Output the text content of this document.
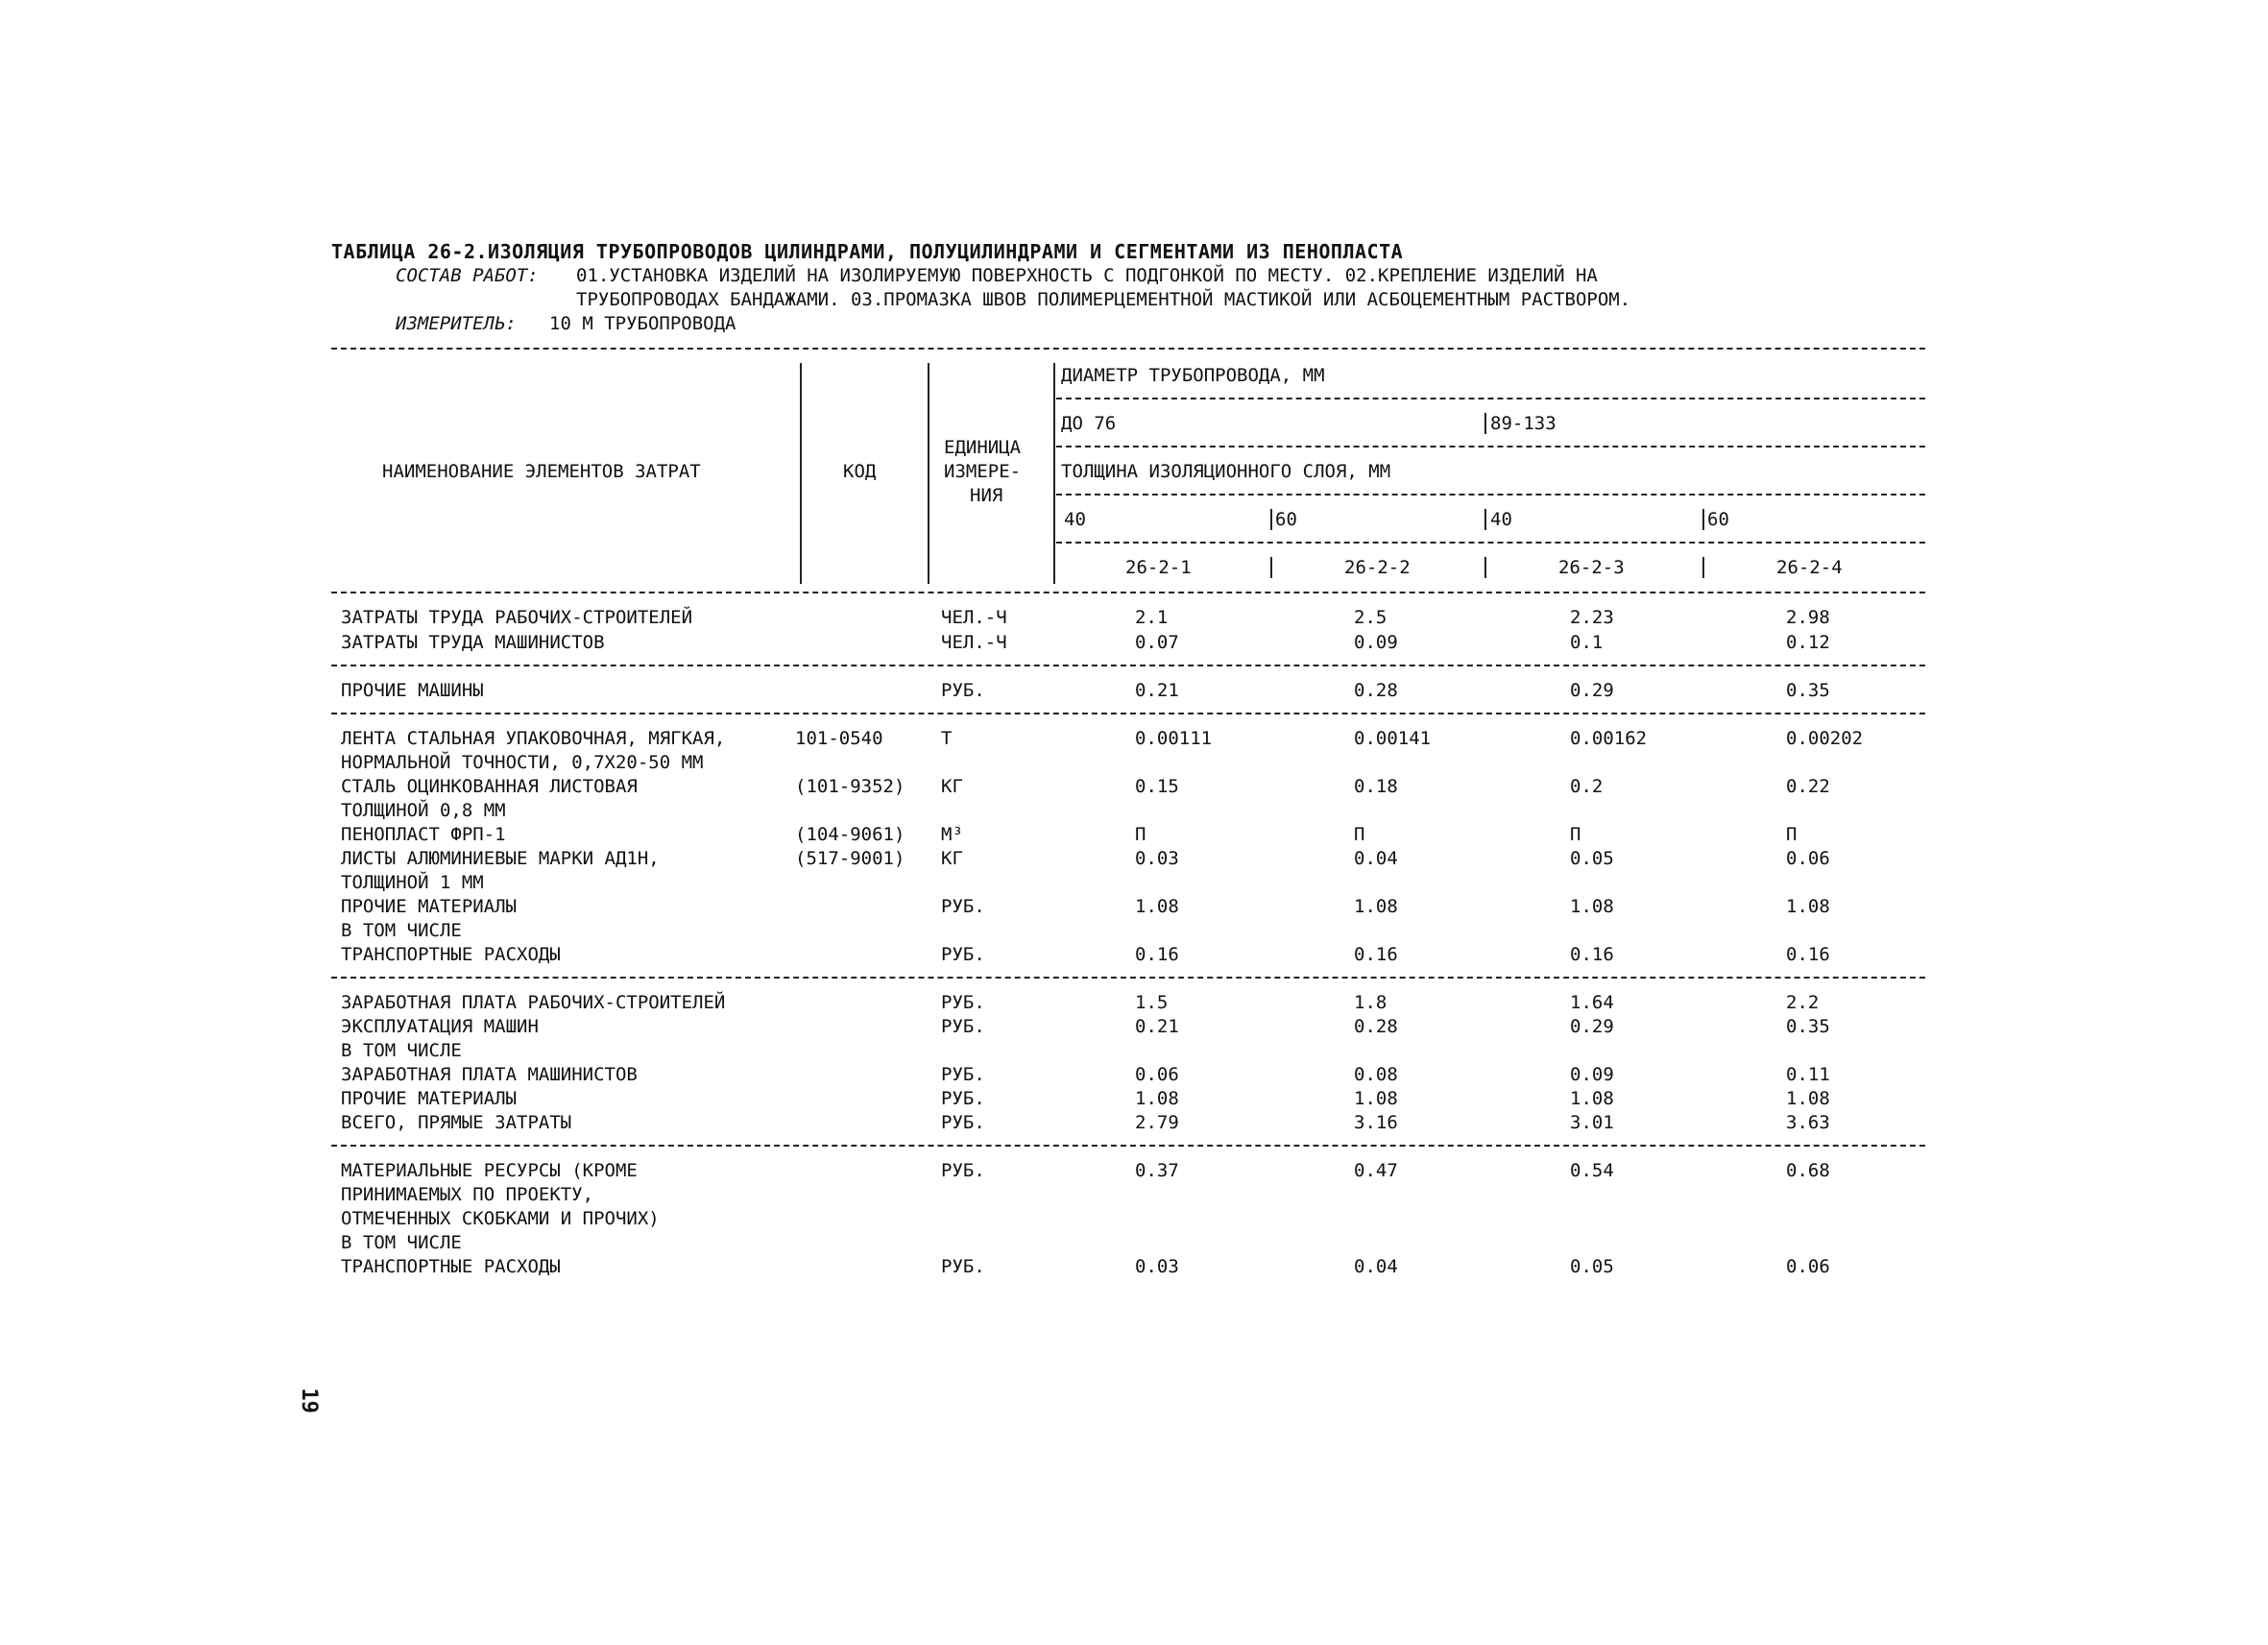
ТАБЛИЦА 26-2.ИЗОЛЯЦИЯ ТРУБОПРОВОДОВ ЦИЛИНДРАМИ, ПОЛУЦИЛИНДРАМИ И СЕГМЕНТАМИ ИЗ ПЕНОПЛАСТА
СОСТАВ РАБОТ: 01.УСТАНОВКА ИЗДЕЛИЙ НА ИЗОЛИРУЕМУЮ ПОВЕРХНОСТЬ С ПОДГОНКОЙ ПО МЕСТУ. 02.КРЕПЛЕНИЕ ИЗДЕЛИЙ НА
ТРУБОПРОВОДАХ БАНДАЖАМИ. 03.ПРОМАЗКА ШВОВ ПОЛИМЕРЦЕМЕНТНОЙ МАСТИКОЙ ИЛИ АСБОЦЕМЕНТНЫМ РАСТВОРОМ.
ИЗМЕРИТЕЛЬ: 10 М ТРУБОПРОВОДА
НАИМЕНОВАНИЕ ЭЛЕМЕНТОВ ЗАТРАТ	КОД
ЕДИНИЦА
ИЗМЕРЕ-
НИЯ
ДИАМЕТР ТРУБОПРОВОДА, ММ
ДО 76	89-133
ТОЛЩИНА ИЗОЛЯЦИОННОГО СЛОЯ, ММ
40	60	40	60
26-2-1	26-2-2	26-2-3	26-2-4
ЗАТРАТЫ ТРУДА РАБОЧИХ-СТРОИТЕЛЕЙ	ЧЕЛ.-Ч	2.1	2.5	2.23	2.98
ЗАТРАТЫ ТРУДА МАШИНИСТОВ	ЧЕЛ.-Ч	0.07	0.09	0.1	0.12
ПРОЧИЕ МАШИНЫ	РУБ.	0.21	0.28	0.29	0.35
ЛЕНТА СТАЛЬНАЯ УПАКОВОЧНАЯ, МЯГКАЯ,	101-0540	Т	0.00111	0.00141	0.00162	0.00202
НОРМАЛЬНОЙ ТОЧНОСТИ, 0,7Х20-50 ММ
СТАЛЬ ОЦИНКОВАННАЯ ЛИСТОВАЯ	(101-9352) КГ	0.15	0.18	0.2	0.22
ТОЛЩИНОЙ 0,8 ММ
ПЕНОПЛАСТ ФРП-1	(104-9061) М³	П	П	П	П
ЛИСТЫ АЛЮМИНИЕВЫЕ МАРКИ АД1Н,	(517-9001) КГ	0.03	0.04	0.05	0.06
ТОЛЩИНОЙ 1 ММ
ПРОЧИЕ МАТЕРИАЛЫ	РУБ.	1.08	1.08	1.08	1.08
В ТОМ ЧИСЛЕ
ТРАНСПОРТНЫЕ РАСХОДЫ	РУБ.	0.16	0.16	0.16	0.16
ЗАРАБОТНАЯ ПЛАТА РАБОЧИХ-СТРОИТЕЛЕЙ	РУБ.	1.5	1.8	1.64	2.2
ЭКСПЛУАТАЦИЯ МАШИН	РУБ.	0.21	0.28	0.29	0.35
В ТОМ ЧИСЛЕ
ЗАРАБОТНАЯ ПЛАТА МАШИНИСТОВ	РУБ.	0.06	0.08	0.09	0.11
ПРОЧИЕ МАТЕРИАЛЫ	РУБ.	1.08	1.08	1.08	1.08
ВСЕГО, ПРЯМЫЕ ЗАТРАТЫ	РУБ.	2.79	3.16	3.01	3.63
МАТЕРИАЛЬНЫЕ РЕСУРСЫ (КРОМЕ	РУБ.	0.37	0.47	0.54	0.68
ПРИНИМАЕМЫХ ПО ПРОЕКТУ,
ОТМЕЧЕННЫХ СКОБКАМИ И ПРОЧИХ)
В ТОМ ЧИСЛЕ
ТРАНСПОРТНЫЕ РАСХОДЫ	РУБ.	0.03	0.04	0.05	0.06
19
